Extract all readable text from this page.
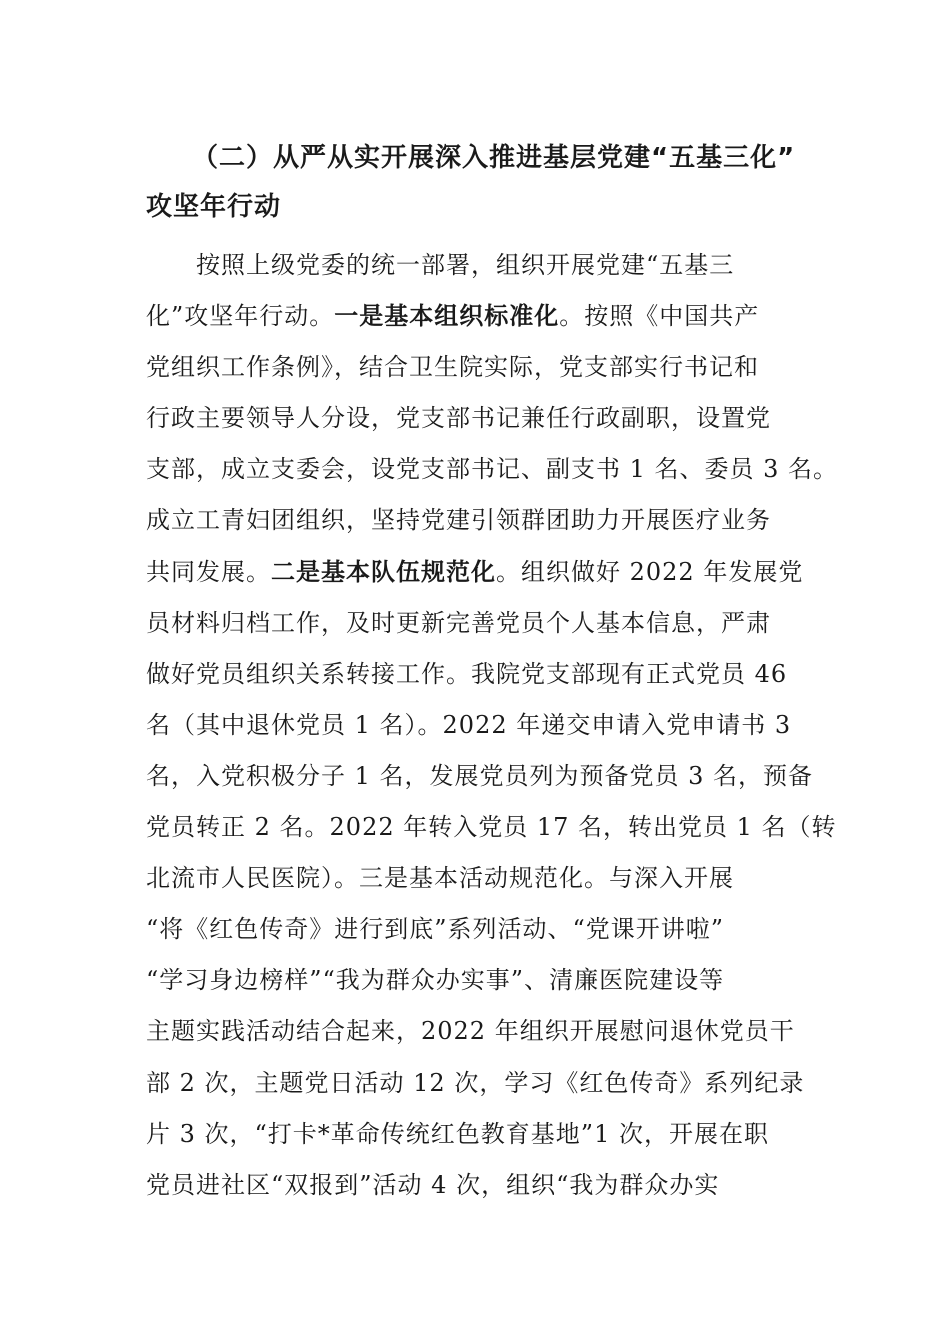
（二）从严从实开展深入推进基层党建“五基三化”
攻坚年行动
按照上级党委的统一部署，组织开展党建“五基三
化”攻坚年行动。一是基本组织标准化。按照《中国共产
党组织工作条例》，结合卫生院实际，党支部实行书记和
行政主要领导人分设，党支部书记兼任行政副职，设置党
支部，成立支委会，设党支部书记、副支书 1 名、委员 3 名。
成立工青妇团组织，坚持党建引领群团助力开展医疗业务
共同发展。二是基本队伍规范化。组织做好 2022 年发展党
员材料归档工作，及时更新完善党员个人基本信息，严肃
做好党员组织关系转接工作。我院党支部现有正式党员 46
名（其中退休党员 1 名）。2022 年递交申请入党申请书 3
名，入党积极分子 1 名，发展党员列为预备党员 3 名，预备
党员转正 2 名。2022 年转入党员 17 名，转出党员 1 名（转
北流市人民医院）。三是基本活动规范化。与深入开展
“将《红色传奇》进行到底”系列活动、“党课开讲啦”
“学习身边榜样”“我为群众办实事”、清廉医院建设等
主题实践活动结合起来，2022 年组织开展慰问退休党员干
部 2 次，主题党日活动 12 次，学习《红色传奇》系列纪录
片 3 次，“打卡*革命传统红色教育基地”1 次，开展在职
党员进社区“双报到”活动 4 次，组织“我为群众办实
